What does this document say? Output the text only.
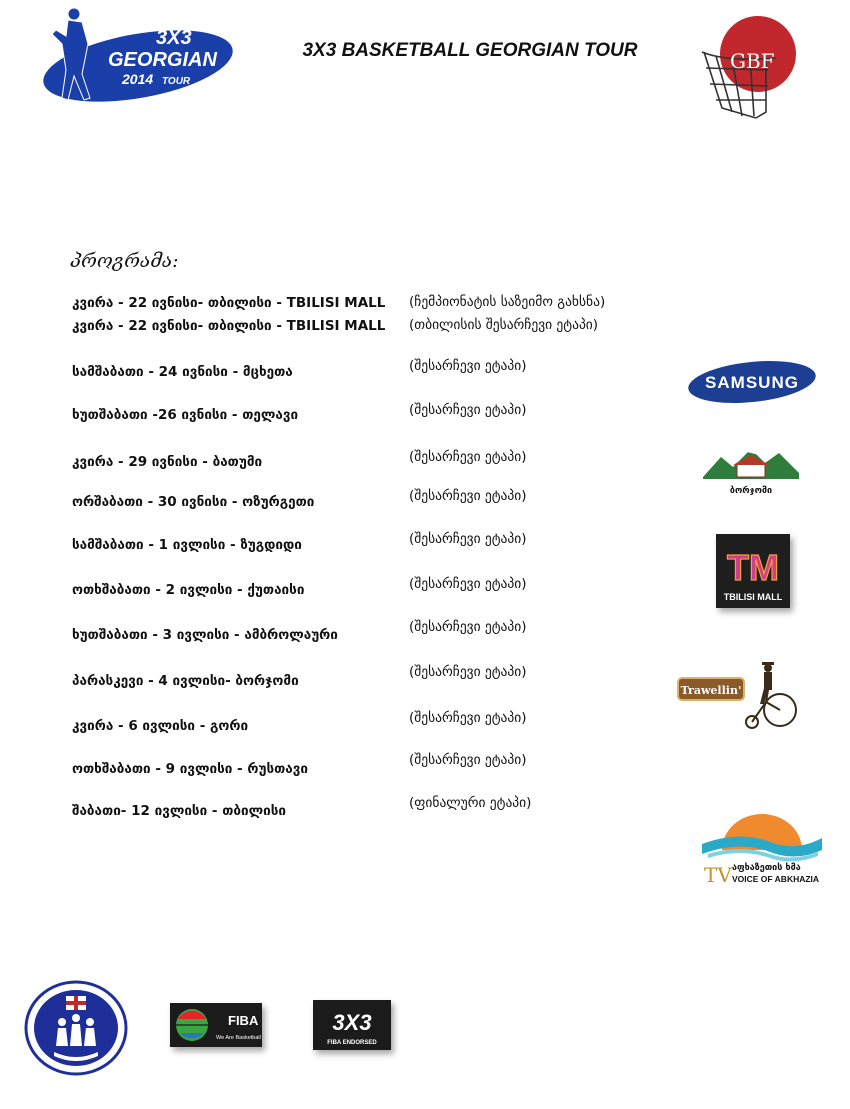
3X3
GEORGIAN
2014 TOUR
3X3 BASKETBALL GEORGIAN TOUR	GBF
პროგრამა:
კვირა - 22 ივნისი- თბილისი - TBILISI MALL (ჩემპიონატის საზეიმო გახსნა)
კვირა - 22 ივნისი- თბილისი - TBILISI MALL (თბილისის შესარჩევი ეტაპი)
სამშაბათი - 24 ივნისი - მცხეთა	(შესარჩევი ეტაპი)
ხუთშაბათი -26 ივნისი - თელავი	(შესარჩევი ეტაპი)
კვირა - 29 ივნისი - ბათუმი	(შესარჩევი ეტაპი)
ორშაბათი - 30 ივნისი - ოზურგეთი	(შესარჩევი ეტაპი)
სამშაბათი - 1 ივლისი - ზუგდიდი	(შესარჩევი ეტაპი)
ოთხშაბათი - 2 ივლისი - ქუთაისი	(შესარჩევი ეტაპი)
ხუთშაბათი - 3 ივლისი - ამბროლაური	(შესარჩევი ეტაპი)
პარასკევი - 4 ივლისი- ბორჯომი
(შესარჩევი ეტაპი)
კვირა - 6 ივლისი - გორი	(შესარჩევი ეტაპი)
ოთხშაბათი - 9 ივლისი - რუსთავი
(შესარჩევი ეტაპი)
შაბათი- 12 ივლისი - თბილისი	(ფინალური ეტაპი)
SAMSUNG
ბორჯომი
TM
TBILISI MALL
Trawellin'
TV აფხაზეთის ხმა
VOICE OF ABKHAZIA
FIBA
We Are Basketball
3X3
FIBA ENDORSED
